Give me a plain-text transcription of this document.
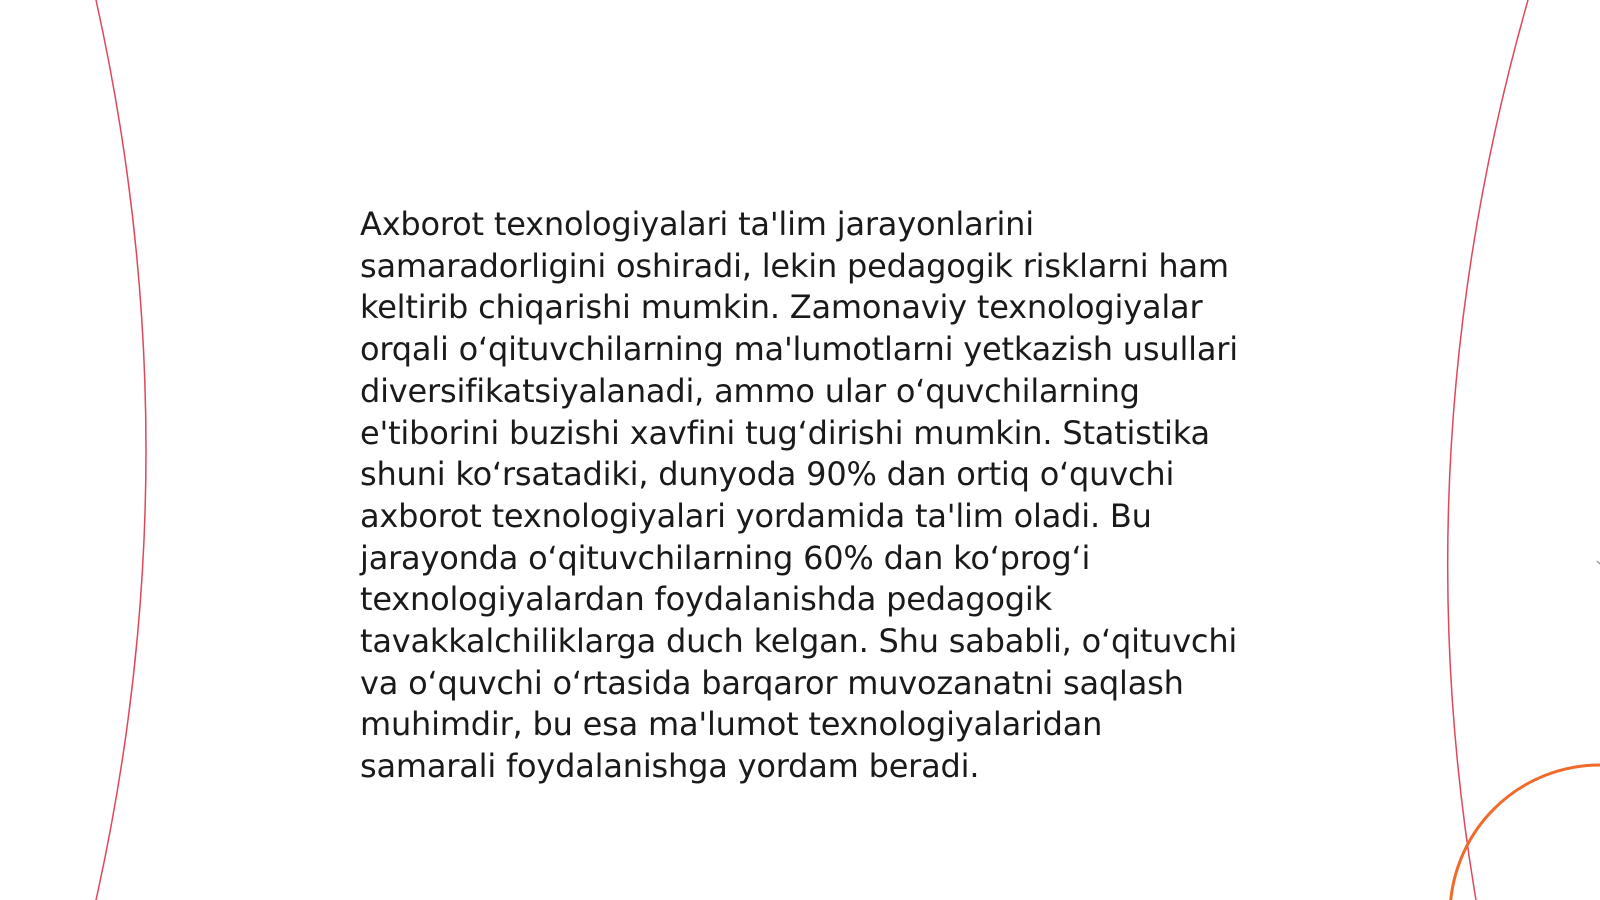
Axborot texnologiyalari ta'lim jarayonlarini samaradorligini oshiradi, lekin pedagogik risklarni ham keltirib chiqarishi mumkin. Zamonaviy texnologiyalar orqali oʻqituvchilarning ma'lumotlarni yetkazish usullari diversifikatsiyalanadi, ammo ular oʻquvchilarning e'tiborini buzishi xavfini tugʻdirishi mumkin. Statistika shuni koʻrsatadiki, dunyoda 90% dan ortiq oʻquvchi axborot texnologiyalari yordamida ta'lim oladi. Bu jarayonda oʻqituvchilarning 60% dan koʻprogʻi texnologiyalardan foydalanishda pedagogik tavakkalchiliklarga duch kelgan. Shu sababli, oʻqituvchi va oʻquvchi oʻrtasida barqaror muvozanatni saqlash muhimdir, bu esa ma'lumot texnologiyalaridan samarali foydalanishga yordam beradi.
